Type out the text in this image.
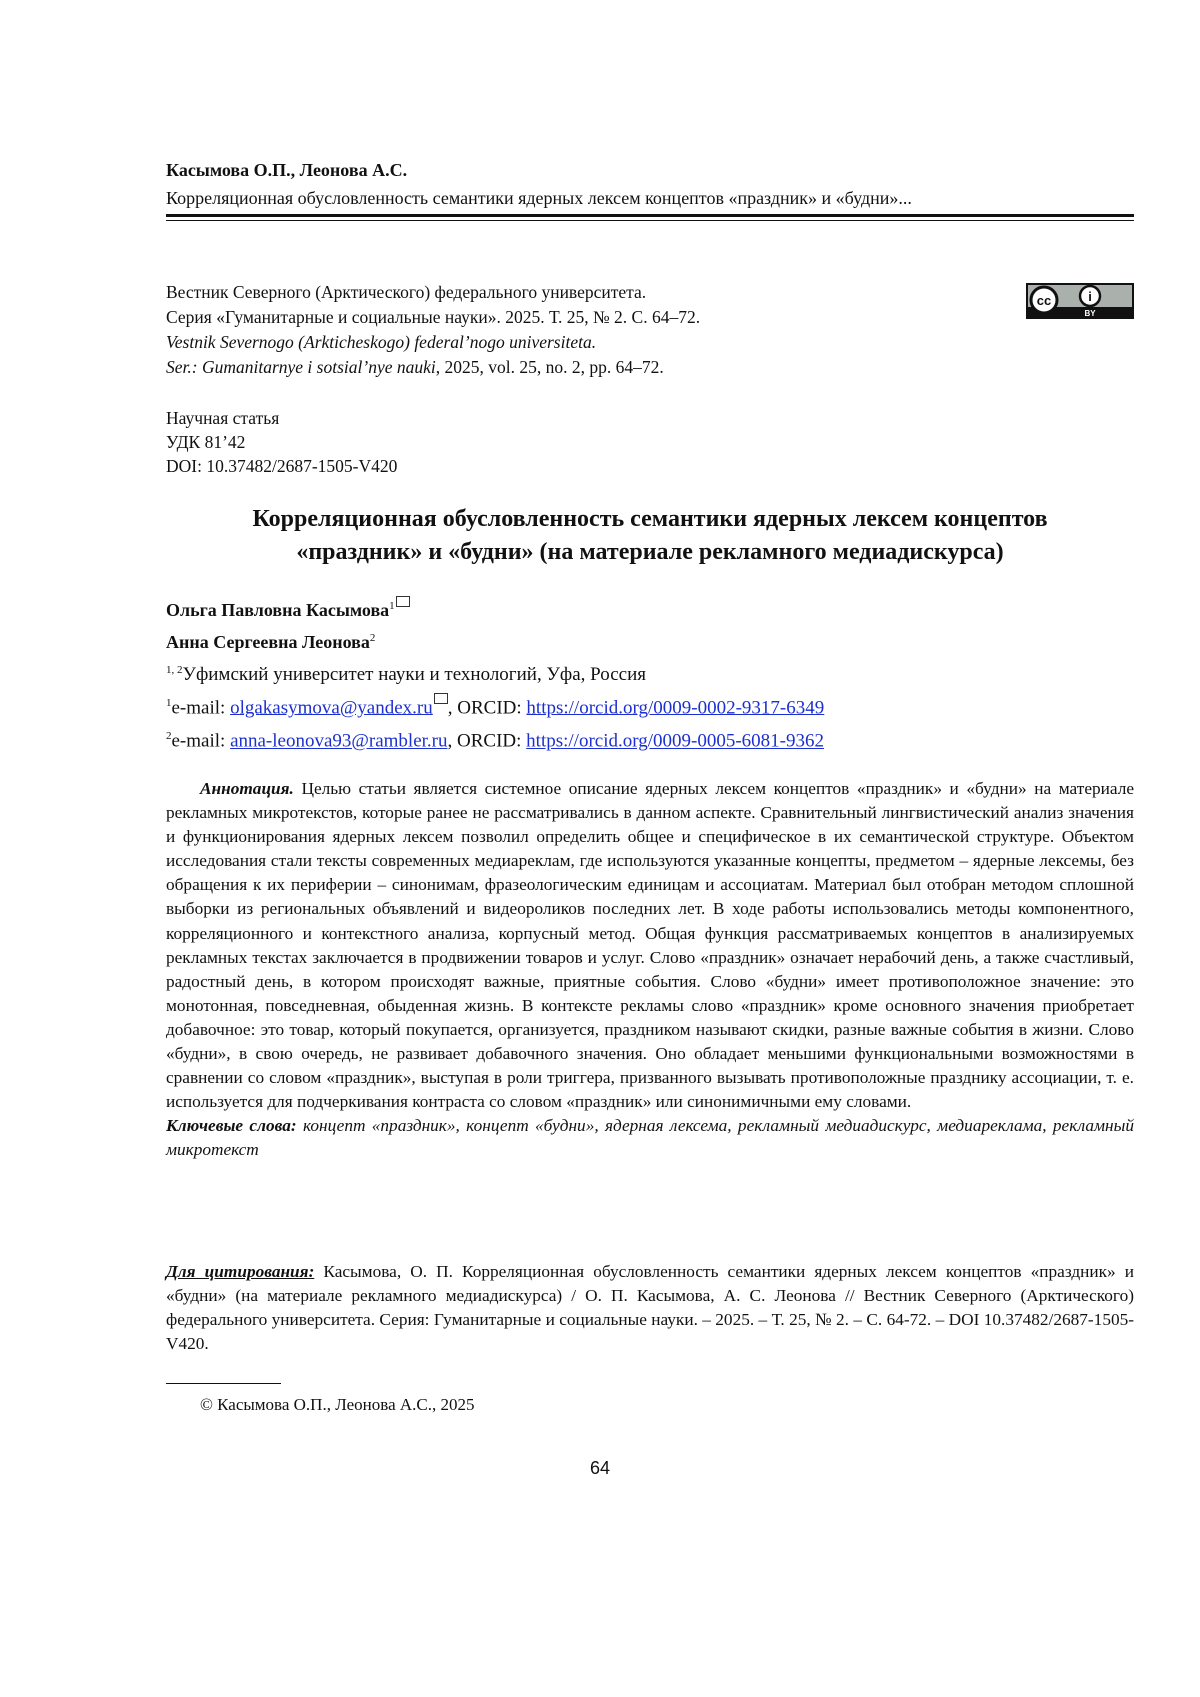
Касымова О.П., Леонова А.С.
Корреляционная обусловленность семантики ядерных лексем концептов «праздник» и «будни»...
Вестник Северного (Арктического) федерального университета.
Серия «Гуманитарные и социальные науки». 2025. Т. 25, № 2. С. 64–72.
Vestnik Severnogo (Arkticheskogo) federal’nogo universiteta.
Ser.: Gumanitarnye i sotsial’nye nauki, 2025, vol. 25, no. 2, pp. 64–72.
cc	i
BY
Научная статья
УДК 81’42
DOI: 10.37482/2687-1505-V420
Корреляционная обусловленность семантики ядерных лексем концептов
«праздник» и «будни» (на материале рекламного медиадискурса)
Ольга Павловна Касымова1
Анна Сергеевна Леонова2
1, 2Уфимский университет науки и технологий, Уфа, Россия
1e-mail: olgakasymova@yandex.ru , ORCID: https://orcid.org/0009-0002-9317-6349
2e-mail: anna-leonova93@rambler.ru, ORCID: https://orcid.org/0009-0005-6081-9362

Аннотация. Целью статьи является системное описание ядерных лексем концептов «праздник» и «будни» на материале рекламных микротекстов, которые ранее не рассматривались в данном аспекте. Сравнительный лингвистический анализ значения и функционирования ядерных лексем позволил определить общее и специфическое в их семантической структуре. Объектом исследования стали тексты современных медиареклам, где используются указанные концепты, предметом – ядерные лексемы, без обращения к их периферии – синонимам, фразеологическим единицам и ассоциатам. Материал был отобран методом сплошной выборки из региональных объявлений и видеороликов последних лет. В ходе работы использовались методы компонентного, корреляционного и контекстного анализа, корпусный метод. Общая функция рассматриваемых концептов в анализируемых рекламных текстах заключается в продвижении товаров и услуг. Слово «праздник» означает нерабочий день, а также счастливый, радостный день, в котором происходят важные, приятные события. Слово «будни» имеет противоположное значение: это монотонная, повседневная, обыденная жизнь. В контексте рекламы слово «праздник» кроме основного значения приобретает добавочное: это товар, который покупается, организуется, праздником называют скидки, разные важные события в жизни. Слово «будни», в свою очередь, не развивает добавочного значения. Оно обладает меньшими функциональными возможностями в сравнении со словом «праздник», выступая в роли триггера, призванного вызывать противоположные празднику ассоциации, т. е. используется для подчеркивания контраста со словом «праздник» или синонимичными ему словами.

Ключевые слова: концепт «праздник», концепт «будни», ядерная лексема, рекламный медиадискурс, медиареклама, рекламный микротекст

Для цитирования: Касымова, О. П. Корреляционная обусловленность семантики ядерных лексем концептов «праздник» и «будни» (на материале рекламного медиадискурса) / О. П. Касымова, А. С. Леонова // Вестник Северного (Арктического) федерального университета. Серия: Гуманитарные и социальные науки. – 2025. – Т. 25, № 2. – С. 64-72. – DOI 10.37482/2687-1505-V420.
© Касымова О.П., Леонова А.С., 2025
64
